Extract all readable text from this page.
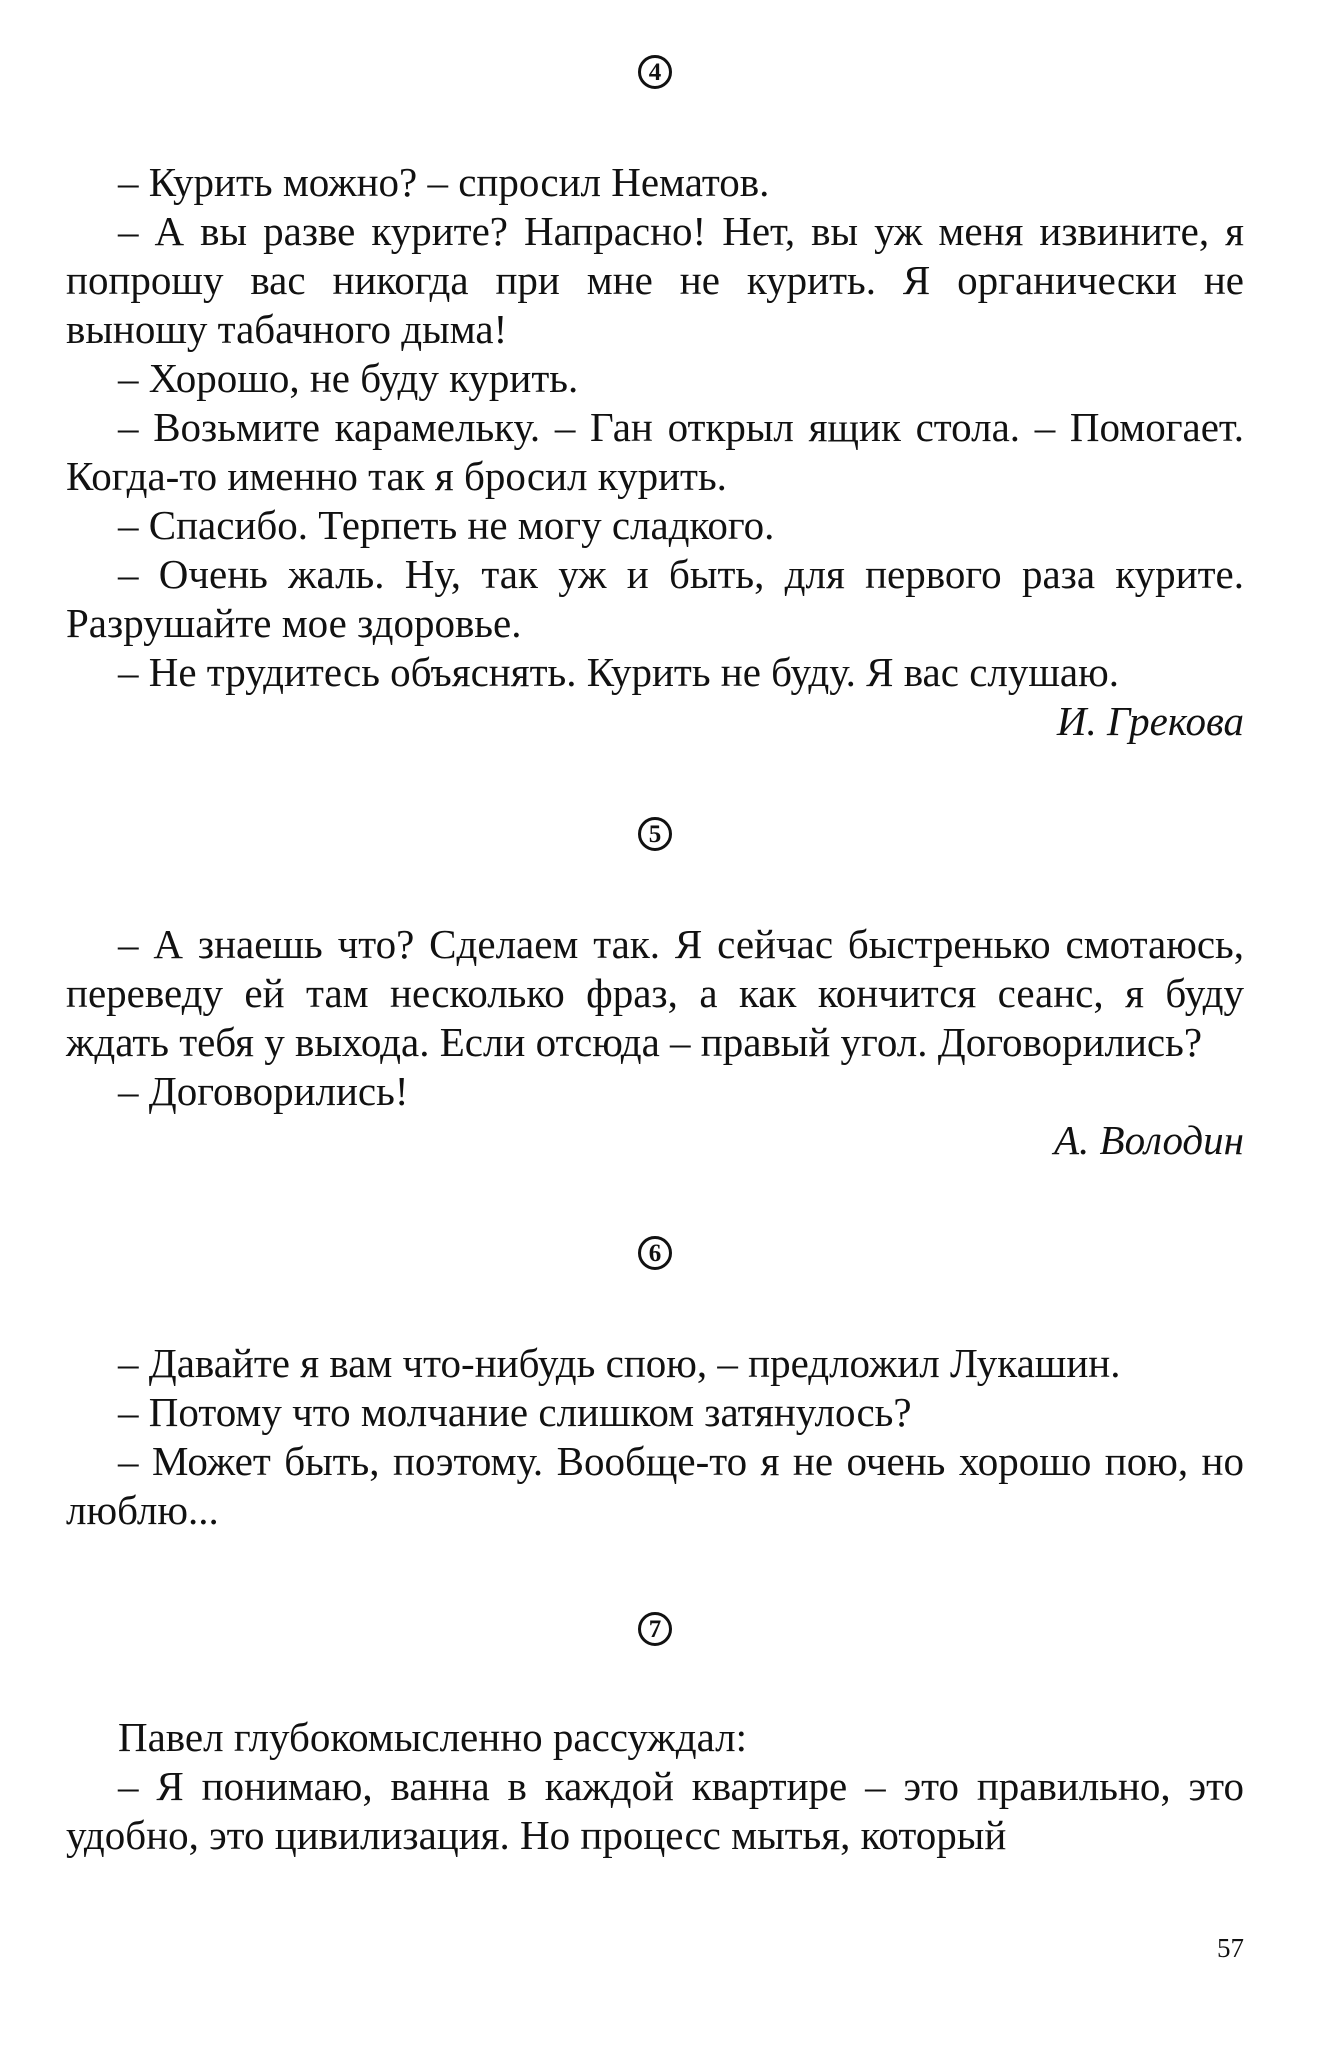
4

– Курить можно? – спросил Нематов.

– А вы разве курите? Напрасно! Нет, вы уж меня извините, я попрошу вас никогда при мне не курить. Я органически не выношу табачного дыма!

– Хорошо, не буду курить.

– Возьмите карамельку. – Ган открыл ящик стола. – Помогает. Когда-то именно так я бросил курить.

– Спасибо. Терпеть не могу сладкого.

– Очень жаль. Ну, так уж и быть, для первого раза курите. Разрушайте мое здоровье.

– Не трудитесь объяснять. Курить не буду. Я вас слушаю.

И. Грекова
5

– А знаешь что? Сделаем так. Я сейчас быстренько смотаюсь, переведу ей там несколько фраз, а как кончится сеанс, я буду ждать тебя у выхода. Если отсюда – правый угол. Договорились?

– Договорились!

А. Володин
6

– Давайте я вам что-нибудь спою, – предложил Лукашин.

– Потому что молчание слишком затянулось?

– Может быть, поэтому. Вообще-то я не очень хорошо пою, но люблю...

7

Павел глубокомысленно рассуждал:

– Я понимаю, ванна в каждой квартире – это правильно, это удобно, это цивилизация. Но процесс мытья, который

57
